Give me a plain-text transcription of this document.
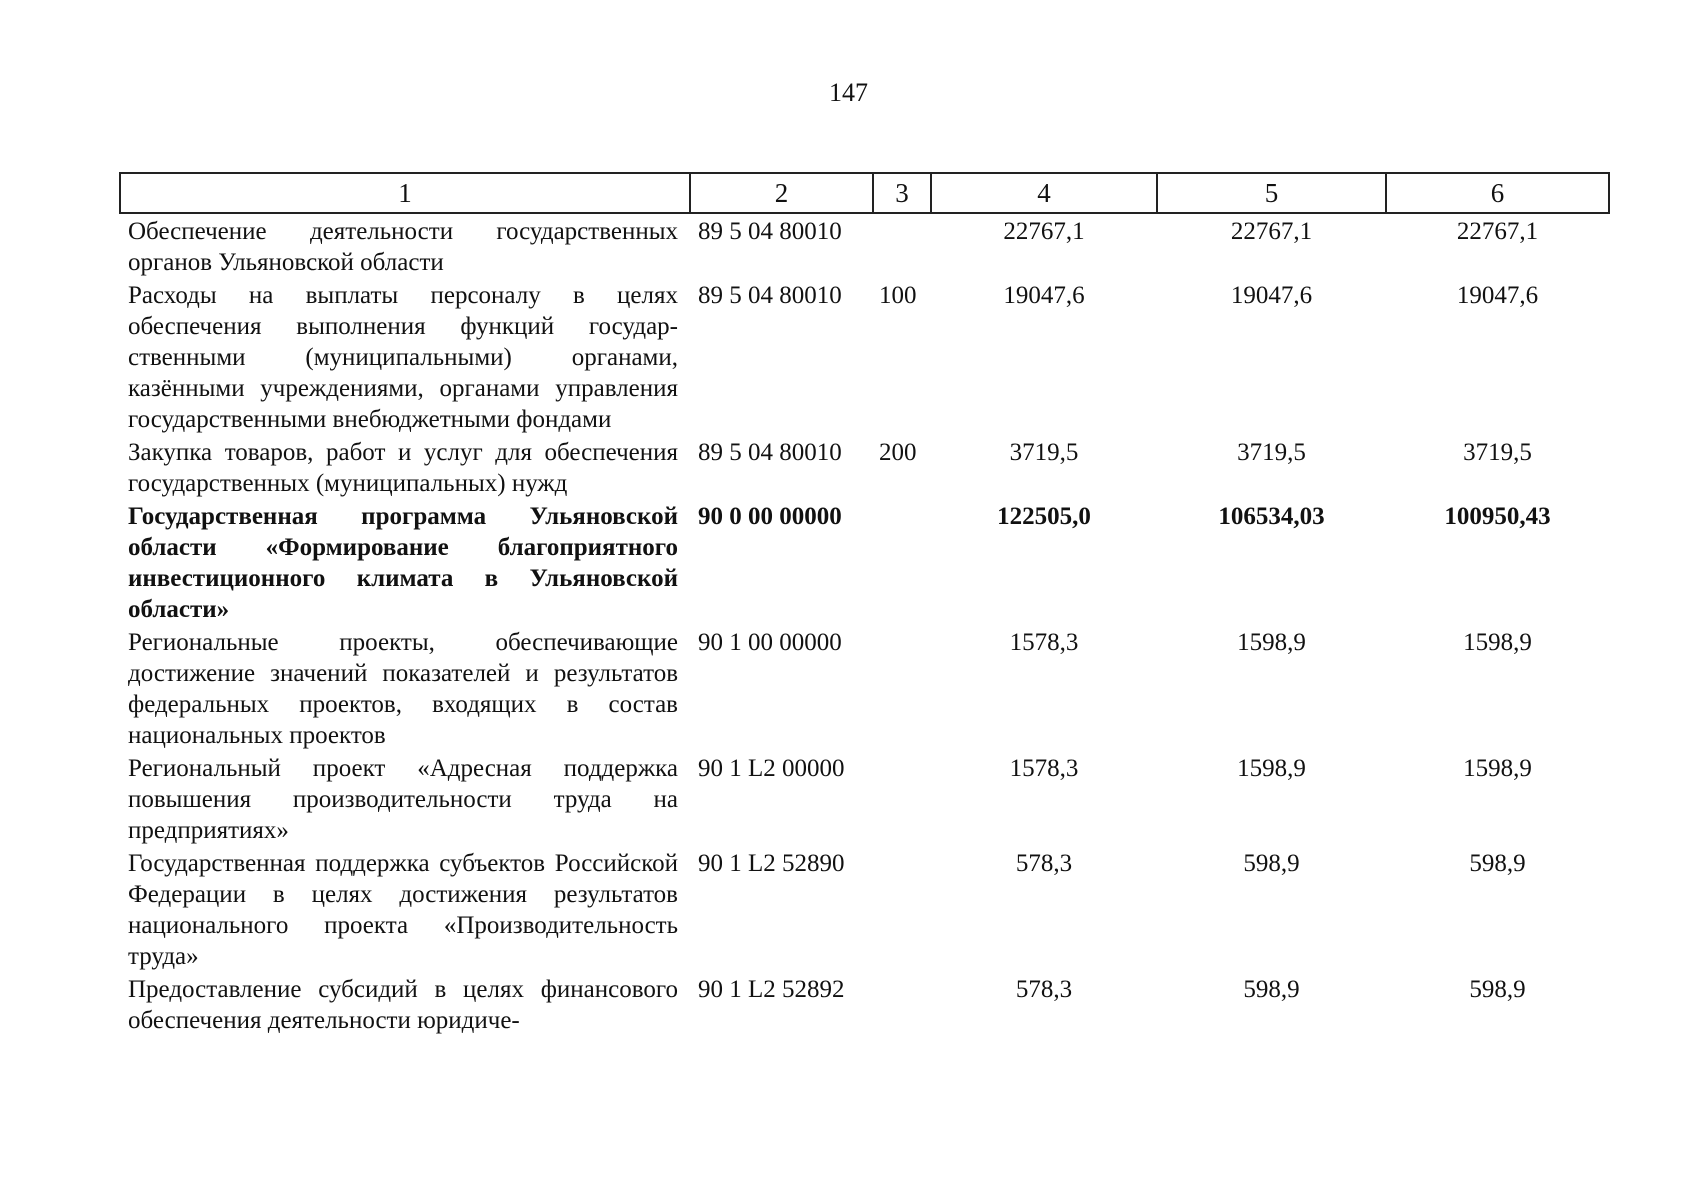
147
1	2	3	4	5	6
Обеспечение деятельности государственных органов Ульяновской области	89 5 04 80010		22767,1	22767,1	22767,1
Расходы на выплаты персоналу в целях обеспечения выполнения функций государственными (муниципальными) органами, казёнными учреждениями, органами управления государственными внебюджетными фондами	89 5 04 80010	100	19047,6	19047,6	19047,6
Закупка товаров, работ и услуг для обеспечения государственных (муниципальных) нужд	89 5 04 80010	200	3719,5	3719,5	3719,5
Государственная программа Ульяновской области «Формирование благоприятного инвестиционного климата в Ульяновской области»	90 0 00 00000		122505,0	106534,03	100950,43
Региональные проекты, обеспечивающие достижение значений показателей и результатов федеральных проектов, входящих в состав национальных проектов	90 1 00 00000		1578,3	1598,9	1598,9
Региональный проект «Адресная поддержка повышения производительности труда на предприятиях»	90 1 L2 00000		1578,3	1598,9	1598,9
Государственная поддержка субъектов Российской Федерации в целях достижения результатов национального проекта «Производительность труда»	90 1 L2 52890		578,3	598,9	598,9
Предоставление субсидий в целях финансового обеспечения деятельности юридиче-	90 1 L2 52892		578,3	598,9	598,9
